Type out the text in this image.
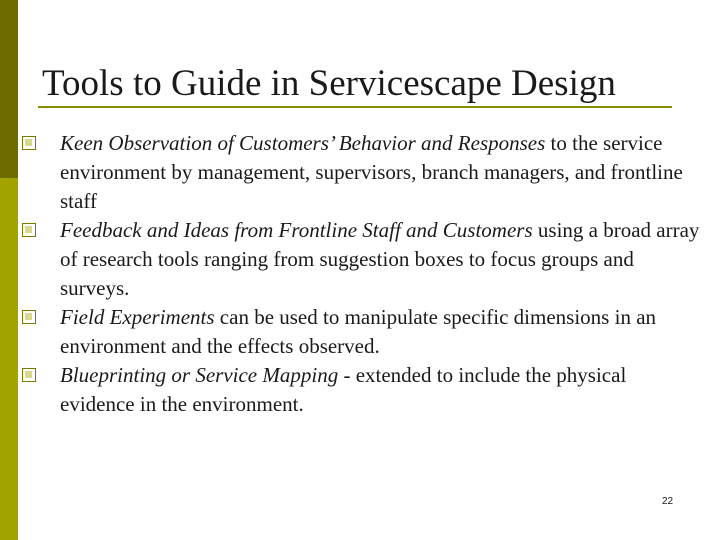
Tools to Guide in Servicescape Design
Keen Observation of Customers’ Behavior and Responses to the service environment by management, supervisors, branch managers, and frontline staff
Feedback and Ideas from Frontline Staff and Customers using a broad array of research tools ranging from suggestion boxes to focus groups and surveys.
Field Experiments can be used to manipulate specific dimensions in an environment and the effects observed.
Blueprinting or Service Mapping - extended to include the physical evidence in the environment.
22
